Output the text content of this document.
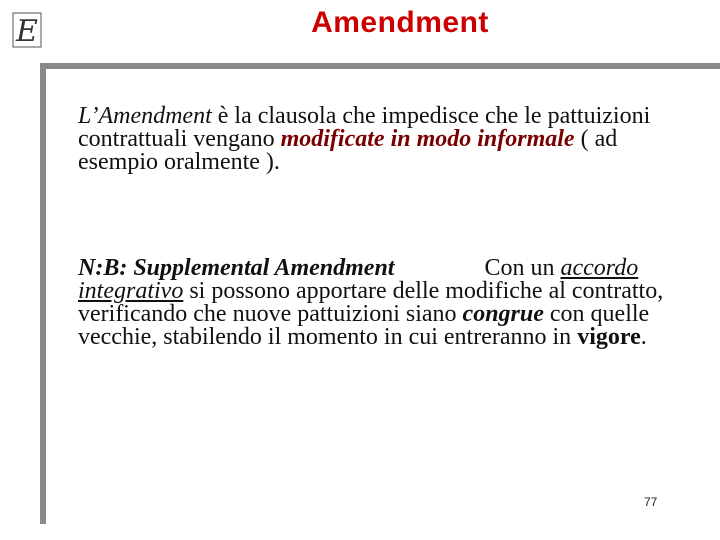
E	Amendment
L’Amendment è la clausola che impedisce che le pattuizioni contrattuali vengano modificate in modo informale ( ad esempio oralmente ).
N:B: Supplemental Amendment	Con un accordo integrativo si possono apportare delle modifiche al contratto, verificando che nuove pattuizioni siano congrue con quelle vecchie, stabilendo il momento in cui entreranno in vigore.
77
